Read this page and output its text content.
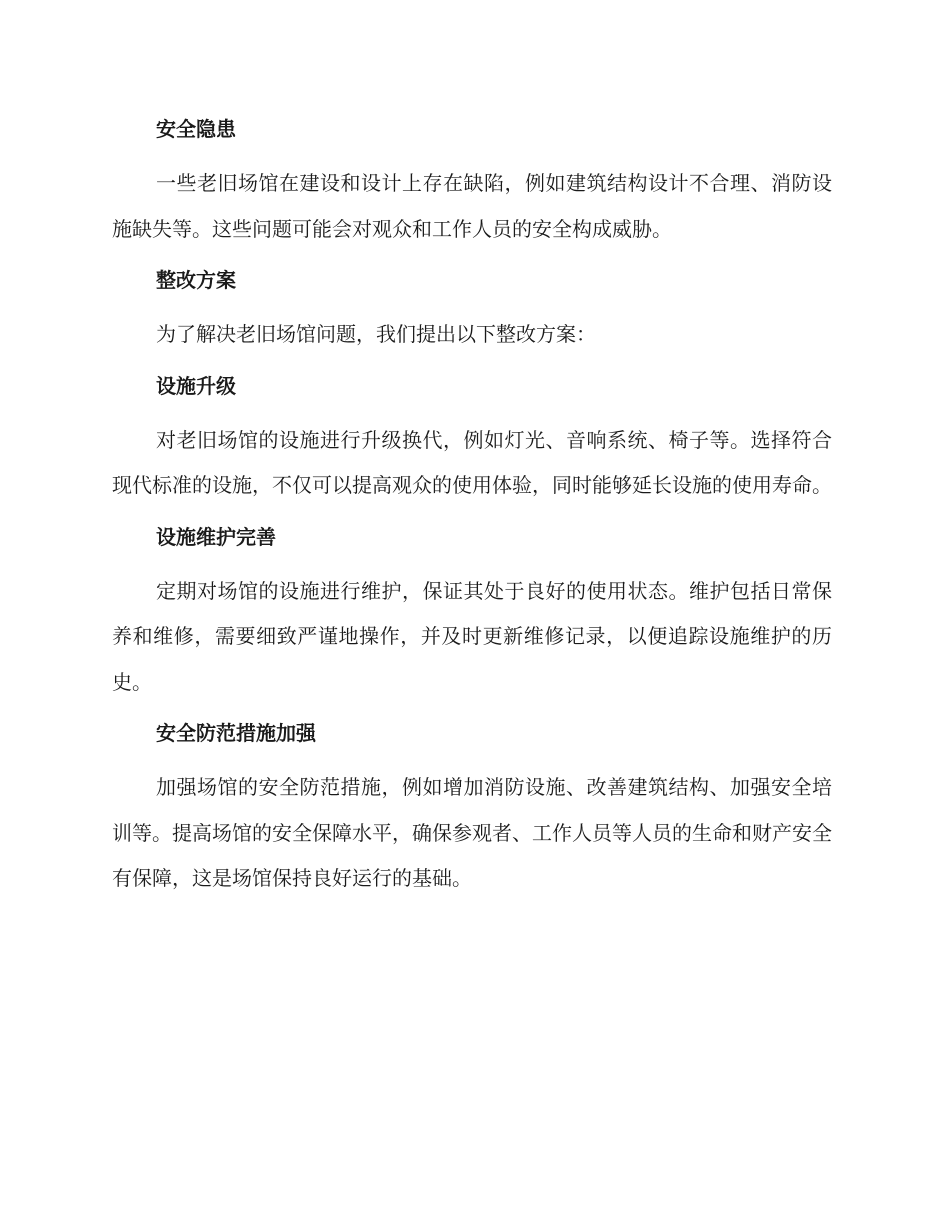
安全隐患

一些老旧场馆在建设和设计上存在缺陷，例如建筑结构设计不合理、消防设施缺失等。这些问题可能会对观众和工作人员的安全构成威胁。

整改方案

为了解决老旧场馆问题，我们提出以下整改方案：

设施升级

对老旧场馆的设施进行升级换代，例如灯光、音响系统、椅子等。选择符合现代标准的设施，不仅可以提高观众的使用体验，同时能够延长设施的使用寿命。

设施维护完善

定期对场馆的设施进行维护，保证其处于良好的使用状态。维护包括日常保养和维修，需要细致严谨地操作，并及时更新维修记录，以便追踪设施维护的历史。

安全防范措施加强

加强场馆的安全防范措施，例如增加消防设施、改善建筑结构、加强安全培训等。提高场馆的安全保障水平，确保参观者、工作人员等人员的生命和财产安全有保障，这是场馆保持良好运行的基础。
